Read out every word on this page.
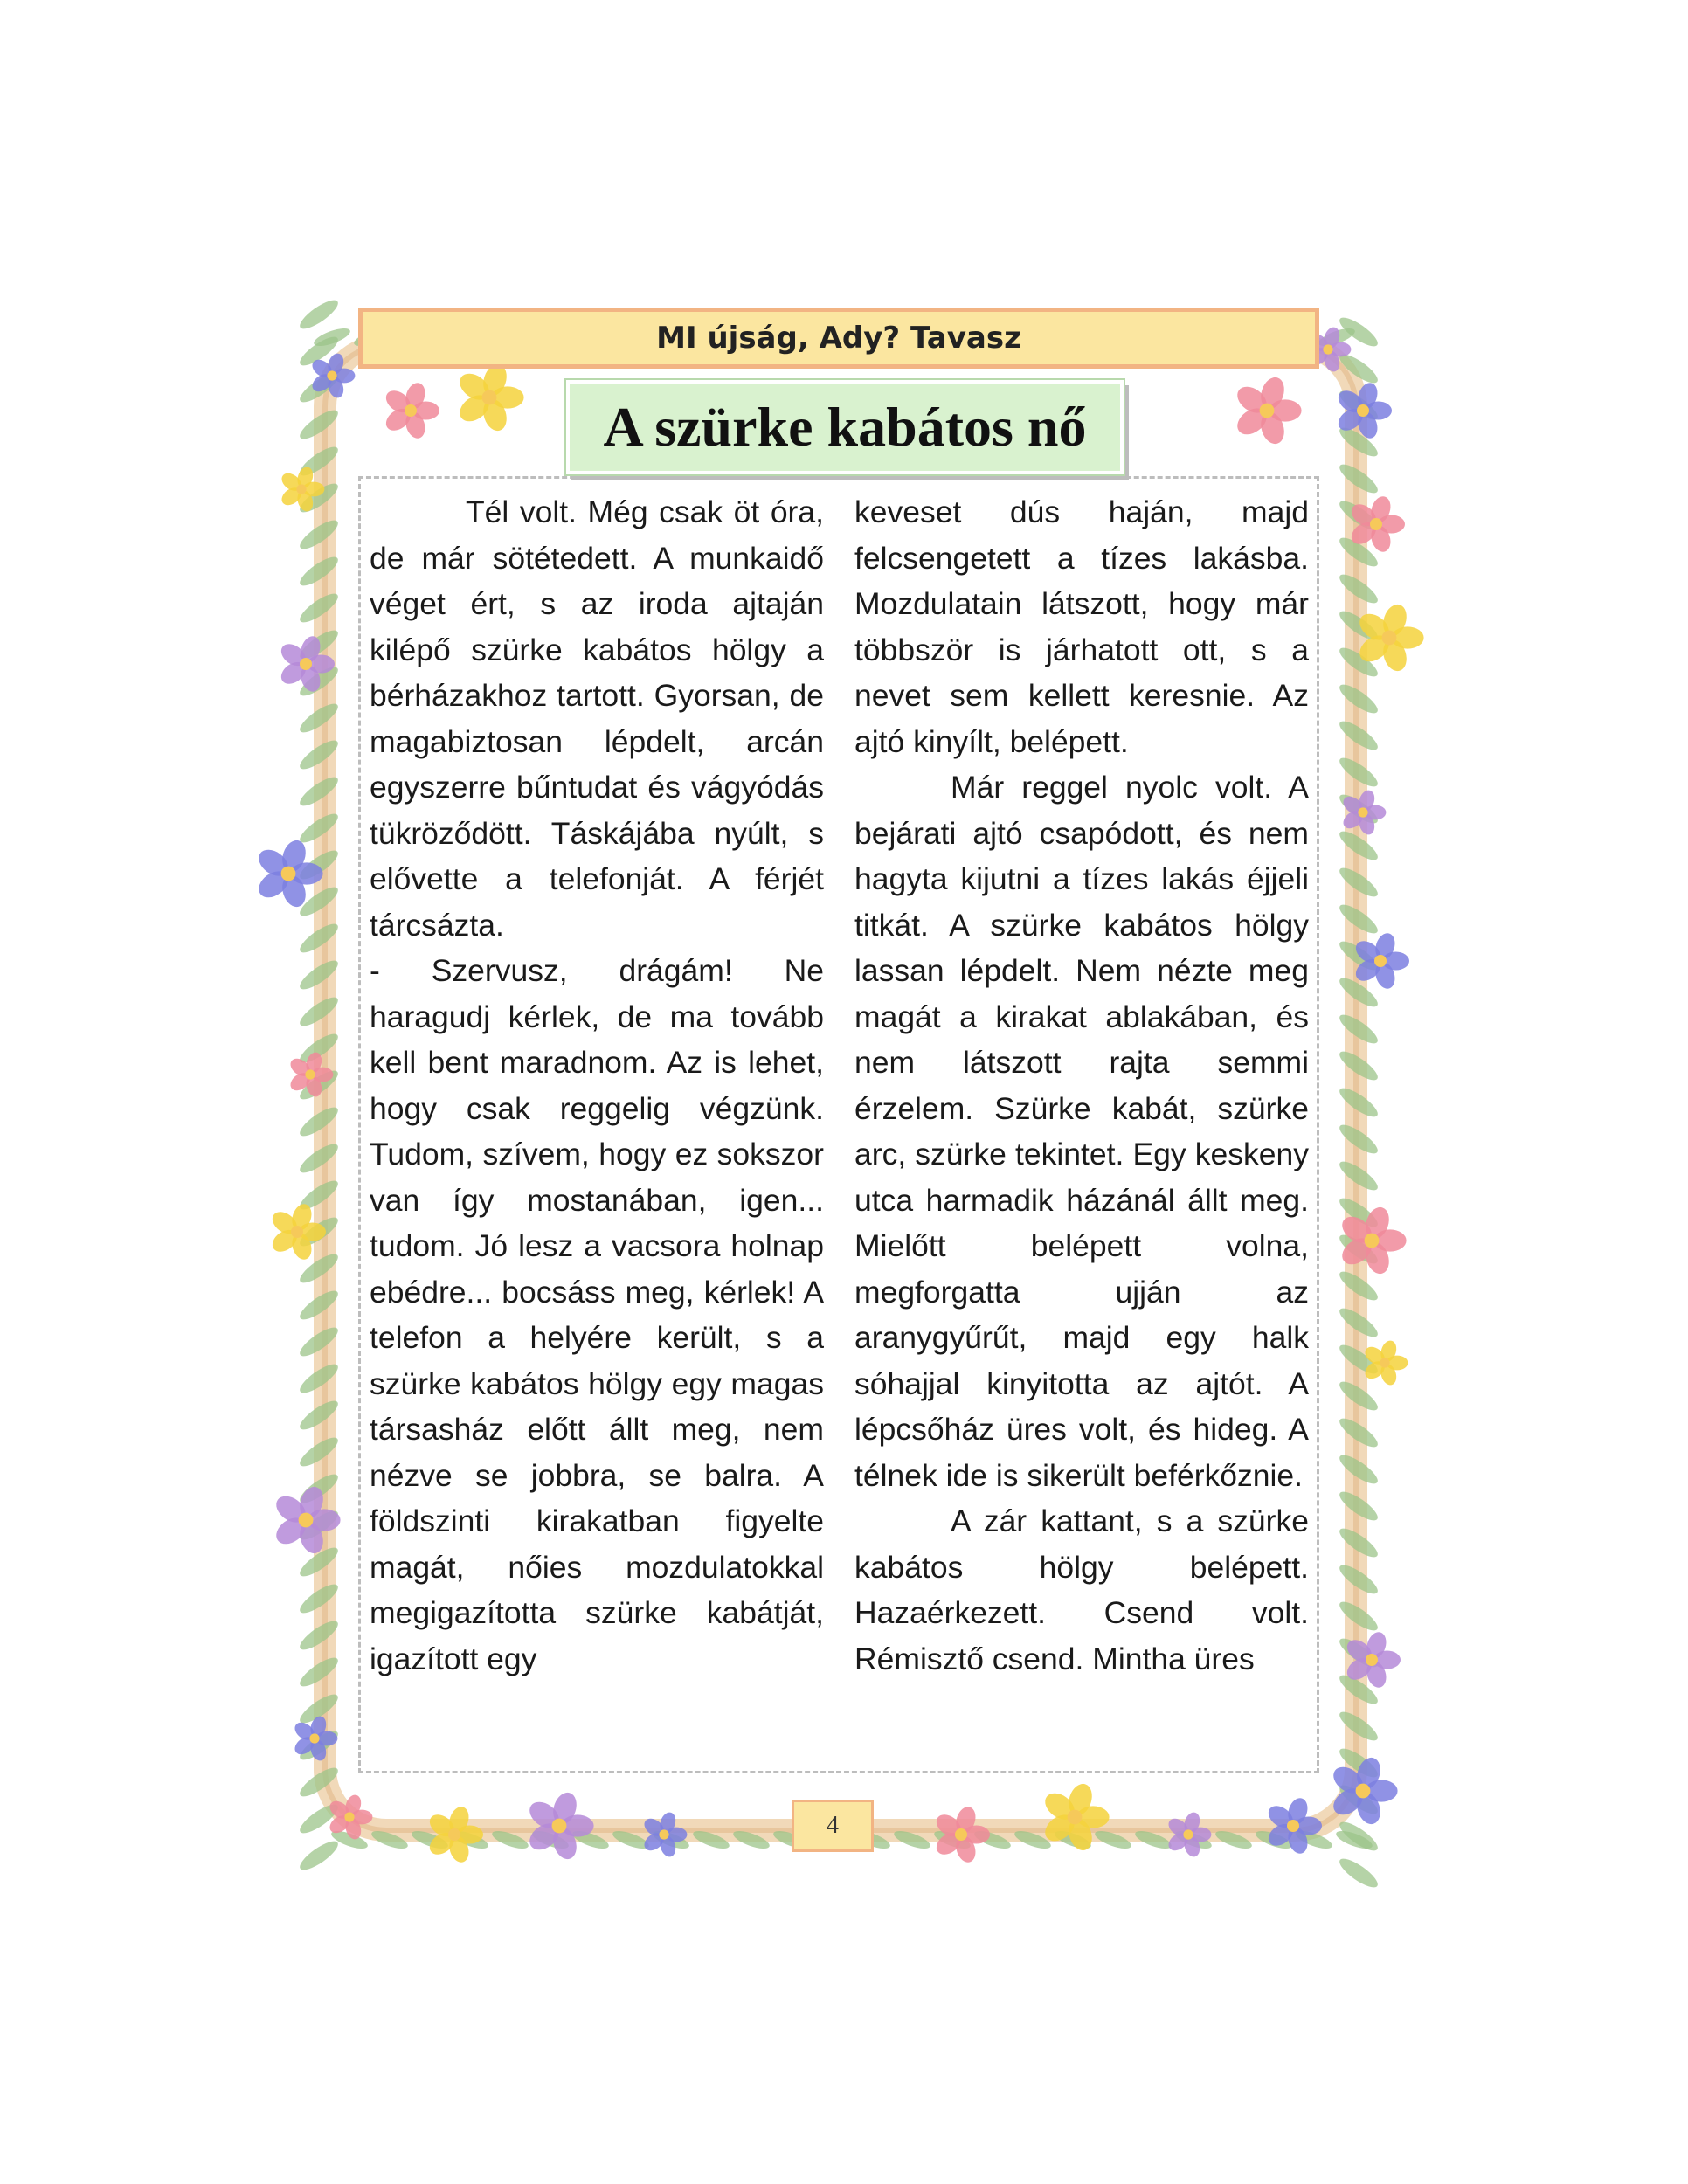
MI újság, Ady? Tavasz

Tél volt. Még csak öt óra, de már sötétedett. A munkaidő véget ért, s az iroda ajtaján kilépő szürke kabátos hölgy a bérházakhoz tartott. Gyorsan, de magabiztosan lépdelt, arcán egyszerre bűntudat és vágyódás tükröződött. Táskájába nyúlt, s elővette a telefonját. A férjét tárcsázta.

- Szervusz, drágám! Ne haragudj kérlek, de ma tovább kell bent maradnom. Az is lehet, hogy csak reggelig végzünk. Tudom, szívem, hogy ez sokszor van így mostanában, igen... tudom. Jó lesz a vacsora holnap ebédre... bocsáss meg, kérlek! A telefon a helyére került, s a szürke kabátos hölgy egy magas társasház előtt állt meg, nem nézve se jobbra, se balra. A földszinti kirakatban figyelte magát, nőies mozdulatokkal megigazította szürke kabátját, igazított egy

keveset dús haján, majd felcsengetett a tízes lakásba. Mozdulatain látszott, hogy már többször is járhatott ott, s a nevet sem kellett keresnie. Az ajtó kinyílt, belépett.

Már reggel nyolc volt. A bejárati ajtó csapódott, és nem hagyta kijutni a tízes lakás éjjeli titkát. A szürke kabátos hölgy lassan lépdelt. Nem nézte meg magát a kirakat ablakában, és nem látszott rajta semmi érzelem. Szürke kabát, szürke arc, szürke tekintet. Egy keskeny utca harmadik házánál állt meg. Mielőtt belépett volna, megforgatta ujján az aranygyűrűt, majd egy halk sóhajjal kinyitotta az ajtót. A lépcsőház üres volt, és hideg. A télnek ide is sikerült beférkőznie.

A zár kattant, s a szürke kabátos hölgy belépett. Hazaérkezett. Csend volt. Rémisztő csend. Mintha üres

A szürke kabátos nő
4
